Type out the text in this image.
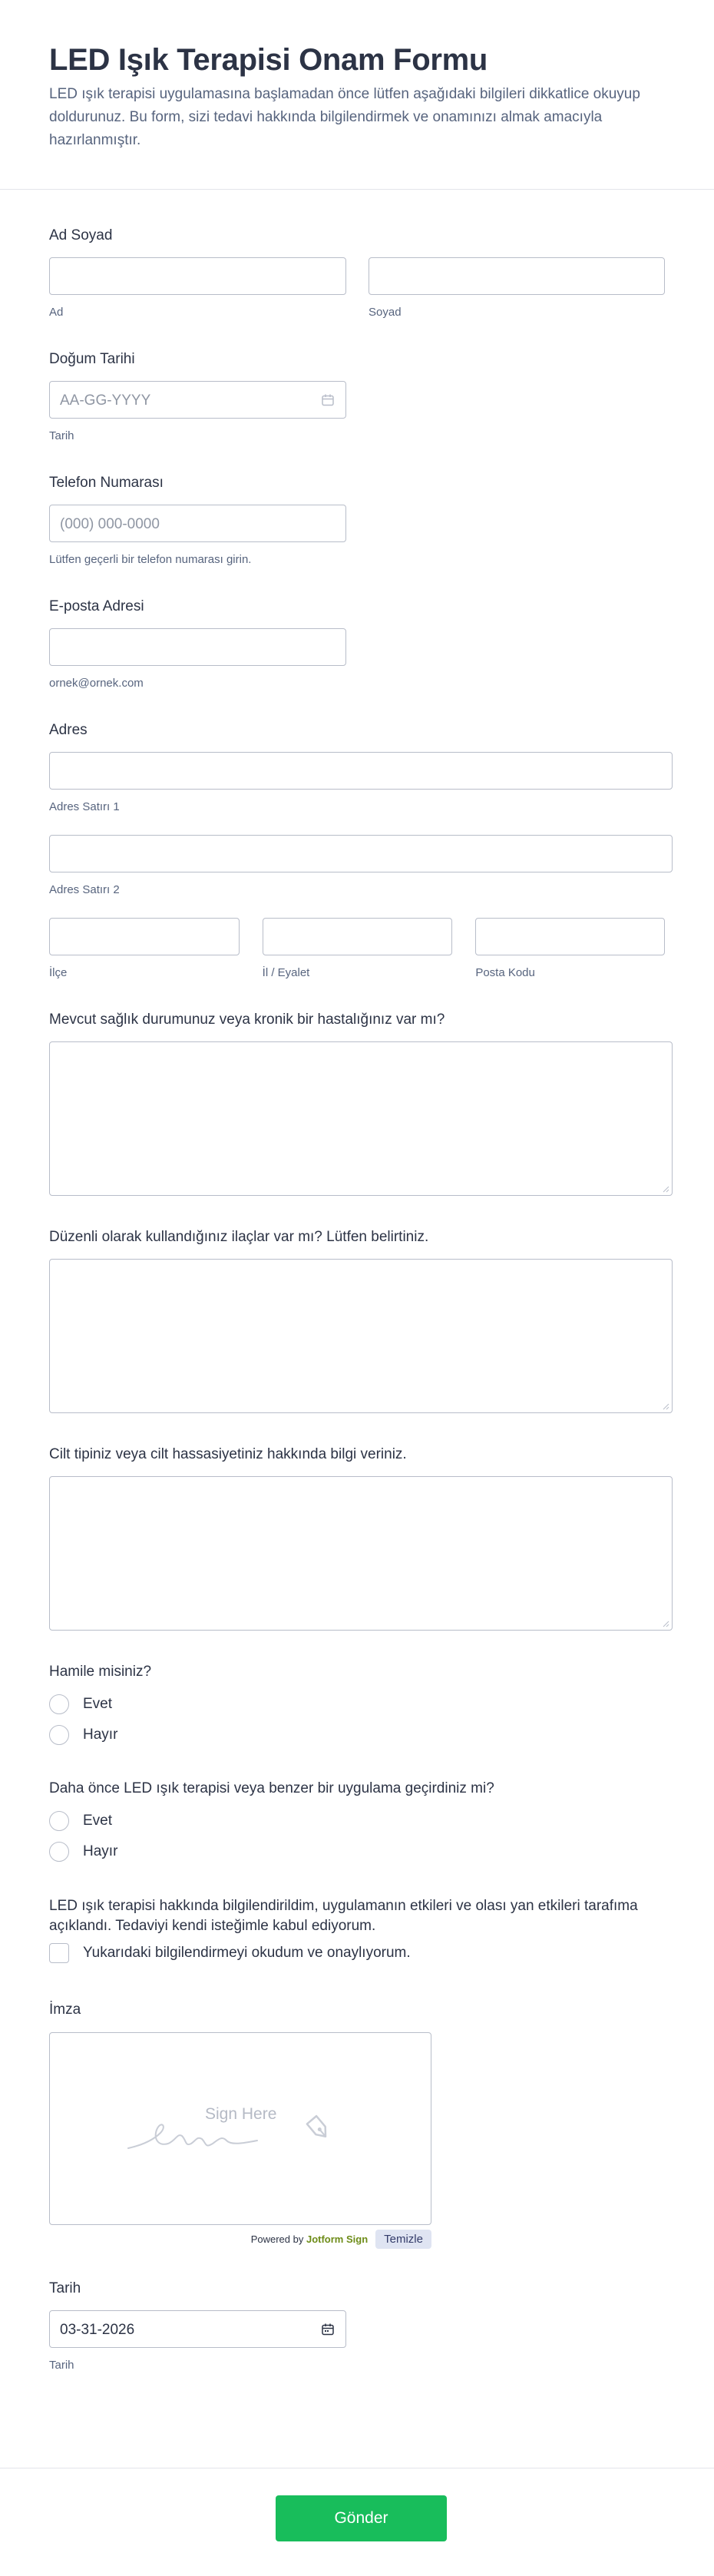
LED Işık Terapisi Onam Formu

LED ışık terapisi uygulamasına başlamadan önce lütfen aşağıdaki bilgileri dikkatlice okuyup doldurunuz. Bu form, sizi tedavi hakkında bilgilendirmek ve onamınızı almak amacıyla hazırlanmıştır.

Ad Soyad
Ad	Soyad
Doğum Tarihi
AA-GG-YYYY
Tarih
Telefon Numarası
(000) 000-0000
Lütfen geçerli bir telefon numarası girin.
E-posta Adresi
ornek@ornek.com
Adres
Adres Satırı 1
Adres Satırı 2
İlçe	İl / Eyalet	Posta Kodu
Mevcut sağlık durumunuz veya kronik bir hastalığınız var mı?
Düzenli olarak kullandığınız ilaçlar var mı? Lütfen belirtiniz.
Cilt tipiniz veya cilt hassasiyetiniz hakkında bilgi veriniz.
Hamile misiniz?
Evet
Hayır
Daha önce LED ışık terapisi veya benzer bir uygulama geçirdiniz mi?
Evet
Hayır
LED ışık terapisi hakkında bilgilendirildim, uygulamanın etkileri ve olası yan etkileri tarafıma açıklandı. Tedaviyi kendi isteğimle kabul ediyorum.
Yukarıdaki bilgilendirmeyi okudum ve onaylıyorum.
İmza
Sign Here
Powered by Jotform Sign	Temizle
Tarih
03-31-2026
Tarih
Gönder
